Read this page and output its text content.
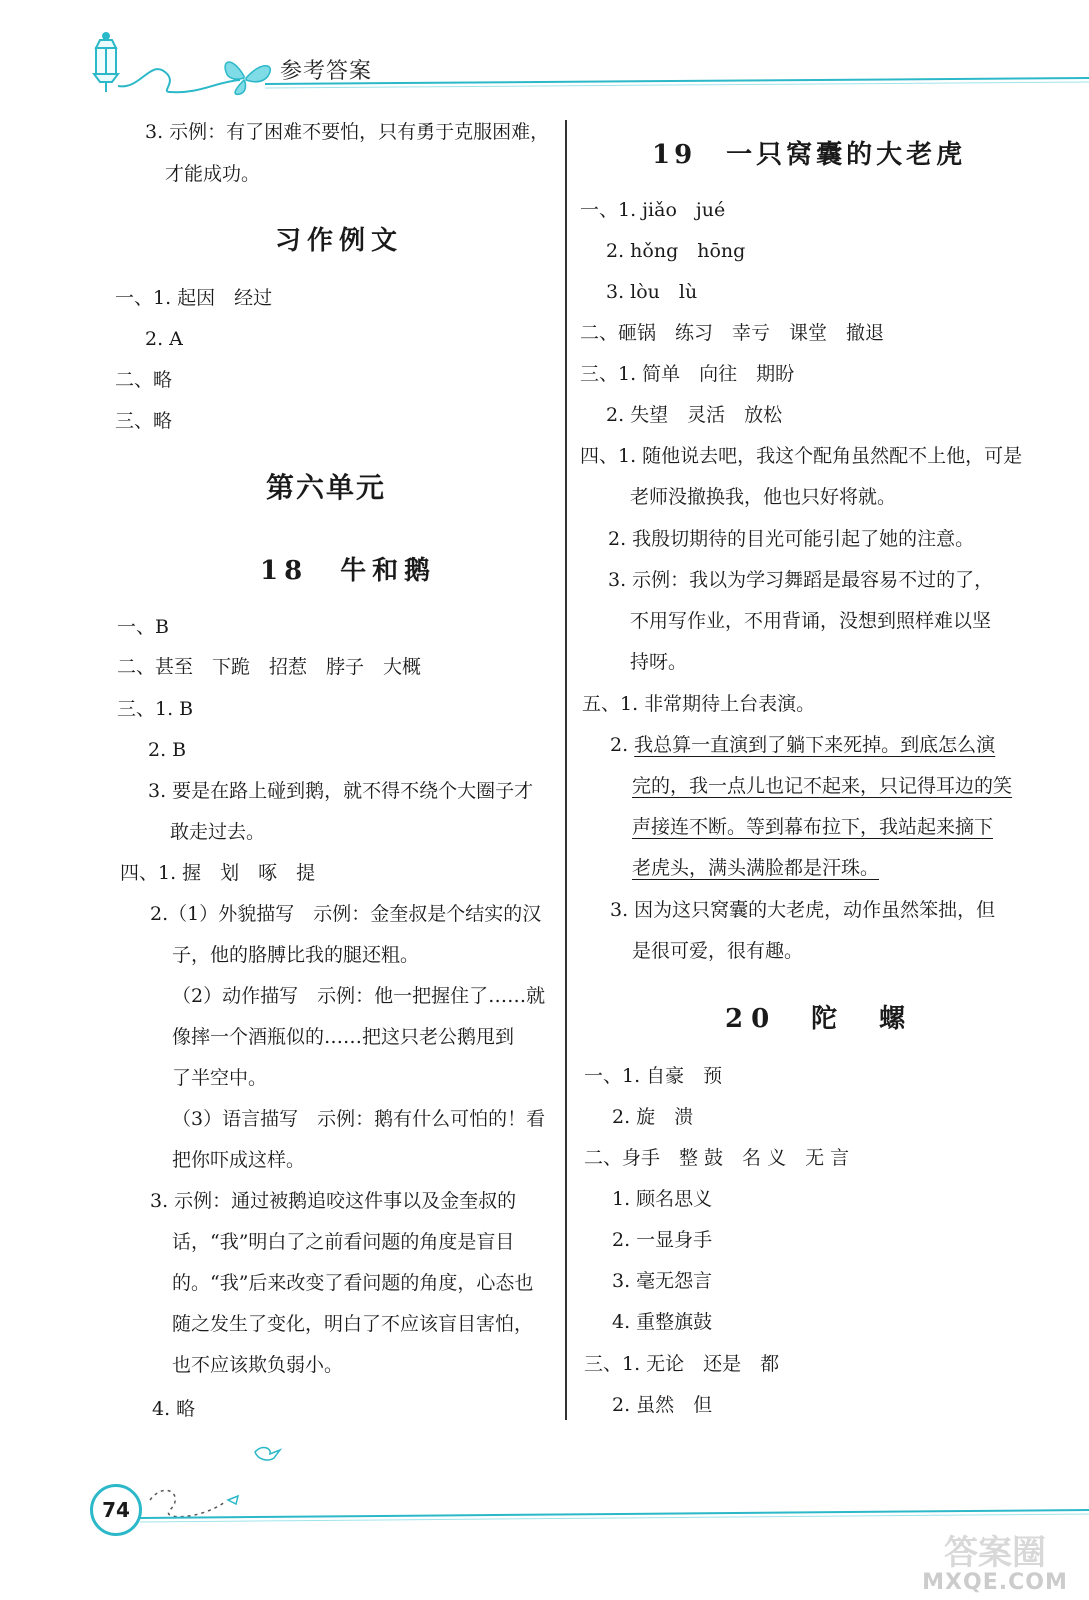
参考答案
3. 示例：有了困难不要怕，只有勇于克服困难，
才能成功。
习作例文
一、1. 起因　经过
2. A
二、略
三、略
第六单元
18　牛和鹅
一、B
二、甚至　下跪　招惹　脖子　大概
三、1. B
2. B
3. 要是在路上碰到鹅，就不得不绕个大圈子才
敢走过去。
四、1. 握　划　啄　提
2.（1）外貌描写　示例：金奎叔是个结实的汉
子，他的胳膊比我的腿还粗。
（2）动作描写　示例：他一把握住了……就
像摔一个酒瓶似的……把这只老公鹅甩到
了半空中。
（3）语言描写　示例：鹅有什么可怕的！看
把你吓成这样。
3. 示例：通过被鹅追咬这件事以及金奎叔的
话，“我”明白了之前看问题的角度是盲目
的。“我”后来改变了看问题的角度，心态也
随之发生了变化，明白了不应该盲目害怕，
也不应该欺负弱小。
4. 略
19　一只窝囊的大老虎
一、1. jiǎo　jué
2. hǒng　hōng
3. lòu　lù
二、砸锅　练习　幸亏　课堂　撤退
三、1. 简单　向往　期盼
2. 失望　灵活　放松
四、1. 随他说去吧，我这个配角虽然配不上他，可是
老师没撤换我，他也只好将就。
2. 我殷切期待的目光可能引起了她的注意。
3. 示例：我以为学习舞蹈是最容易不过的了，
不用写作业，不用背诵，没想到照样难以坚
持呀。
五、1. 非常期待上台表演。
2. 我总算一直演到了躺下来死掉。到底怎么演
完的，我一点儿也记不起来，只记得耳边的笑
声接连不断。等到幕布拉下，我站起来摘下
老虎头，满头满脸都是汗珠。
3. 因为这只窝囊的大老虎，动作虽然笨拙，但
是很可爱，很有趣。
20　陀　螺
一、1. 自豪　预
2. 旋　溃
二、身手　整 鼓　名 义　无 言
1. 顾名思义
2. 一显身手
3. 毫无怨言
4. 重整旗鼓
三、1. 无论　还是　都
2. 虽然　但
74
答案圈
MXQE.COM
